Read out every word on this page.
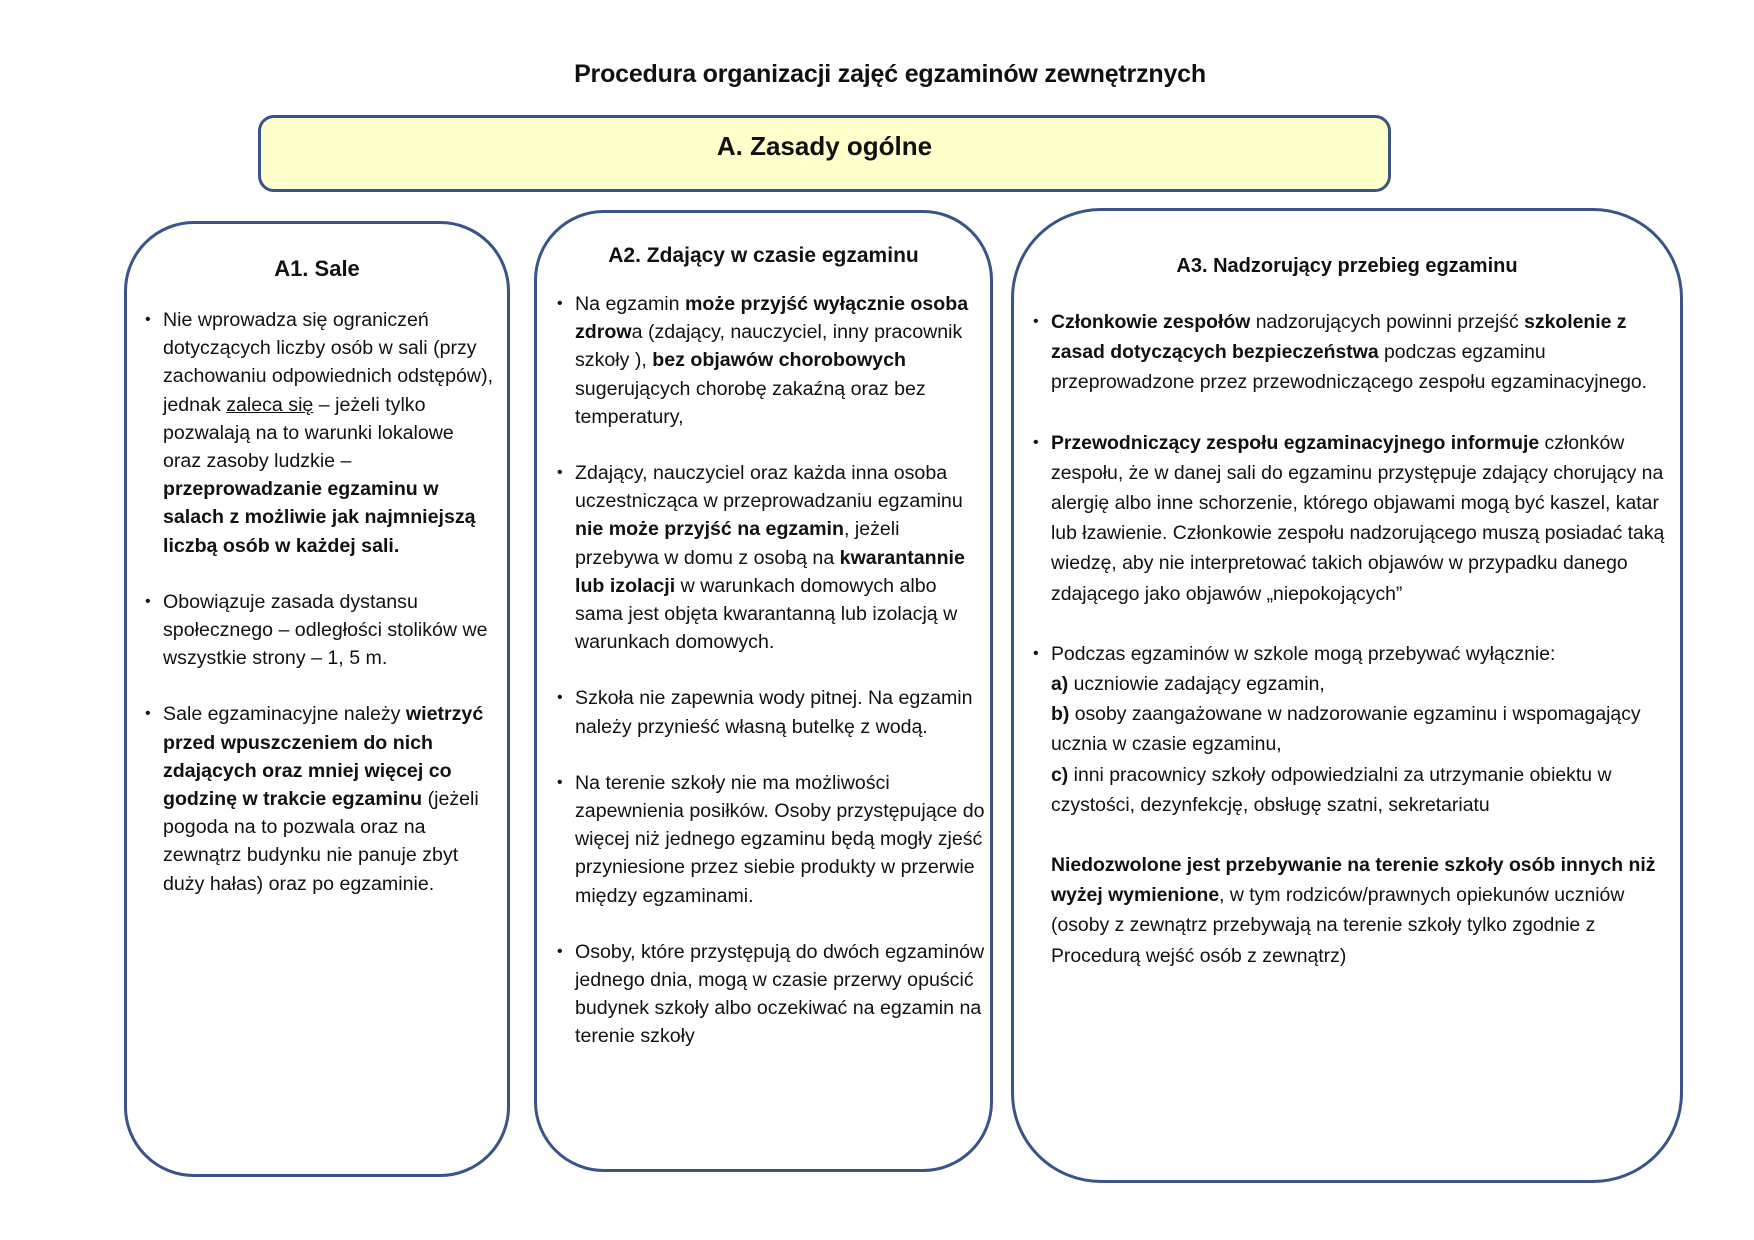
Procedura organizacji zajęć egzaminów zewnętrznych
A. Zasady ogólne
A1. Sale
• Nie wprowadza się ograniczeń dotyczących liczby osób w sali (przy zachowaniu odpowiednich odstępów), jednak zaleca się – jeżeli tylko pozwalają na to warunki lokalowe oraz zasoby ludzkie – przeprowadzanie egzaminu w salach z możliwie jak najmniejszą liczbą osób w każdej sali.
• Obowiązuje zasada dystansu społecznego – odległości stolików we wszystkie strony – 1, 5 m.
• Sale egzaminacyjne należy wietrzyć przed wpuszczeniem do nich zdających oraz mniej więcej co godzinę w trakcie egzaminu (jeżeli pogoda na to pozwala oraz na zewnątrz budynku nie panuje zbyt duży hałas) oraz po egzaminie.
A2. Zdający w czasie egzaminu
• Na egzamin może przyjść wyłącznie osoba zdrowa (zdający, nauczyciel, inny pracownik szkoły ), bez objawów chorobowych sugerujących chorobę zakaźną oraz bez temperatury,
• Zdający, nauczyciel oraz każda inna osoba uczestnicząca w przeprowadzaniu egzaminu nie może przyjść na egzamin, jeżeli przebywa w domu z osobą na kwarantannie lub izolacji w warunkach domowych albo sama jest objęta kwarantanną lub izolacją w warunkach domowych.
• Szkoła nie zapewnia wody pitnej. Na egzamin należy przynieść własną butelkę z wodą.
• Na terenie szkoły nie ma możliwości zapewnienia posiłków. Osoby przystępujące do więcej niż jednego egzaminu będą mogły zjeść przyniesione przez siebie produkty w przerwie między egzaminami.
• Osoby, które przystępują do dwóch egzaminów jednego dnia, mogą w czasie przerwy opuścić budynek szkoły albo oczekiwać na egzamin na terenie szkoły
A3. Nadzorujący przebieg egzaminu
• Członkowie zespołów nadzorujących powinni przejść szkolenie z zasad dotyczących bezpieczeństwa podczas egzaminu przeprowadzone przez przewodniczącego zespołu egzaminacyjnego.
• Przewodniczący zespołu egzaminacyjnego informuje członków zespołu, że w danej sali do egzaminu przystępuje zdający chorujący na alergię albo inne schorzenie, którego objawami mogą być kaszel, katar lub łzawienie. Członkowie zespołu nadzorującego muszą posiadać taką wiedzę, aby nie interpretować takich objawów w przypadku danego zdającego jako objawów „niepokojących”
• Podczas egzaminów w szkole mogą przebywać wyłącznie:
a) uczniowie zadający egzamin,
b) osoby zaangażowane w nadzorowanie egzaminu i wspomagający ucznia w czasie egzaminu,
c) inni pracownicy szkoły odpowiedzialni za utrzymanie obiektu w czystości, dezynfekcję, obsługę szatni, sekretariatu
Niedozwolone jest przebywanie na terenie szkoły osób innych niż wyżej wymienione, w tym rodziców/prawnych opiekunów uczniów (osoby z zewnątrz przebywają na terenie szkoły tylko zgodnie z Procedurą wejść osób z zewnątrz)
